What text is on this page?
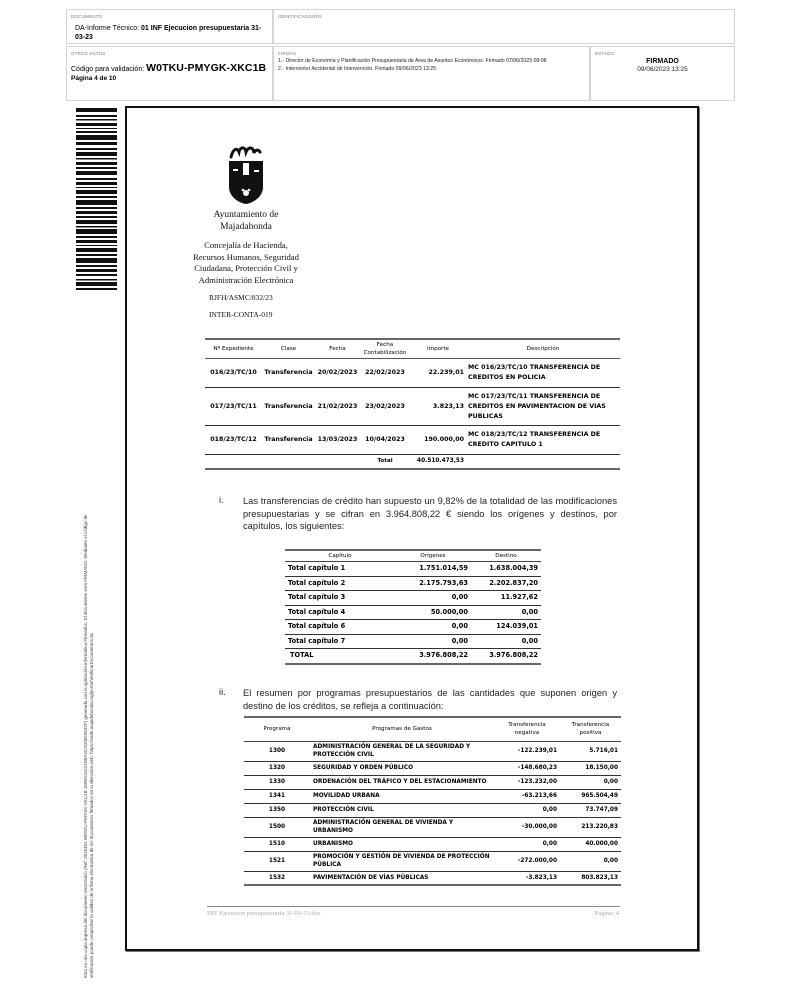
DOCUMENTO
DA-Informe Técnico: 01 INF Ejecucion presupuestaria 31-03-23
IDENTIFICADORES
OTROS DATOS
Código para validación: W0TKU-PMYGK-XKC1B
Página 4 de 10
FIRMAS
1.- Director de Economía y Planificación Presupuestaria de Area de Asuntos Económicos. Firmado 07/06/2023 08:08
2.- Interventor Accidental de Intervención. Firmado 09/06/2023 13:25
ESTADO
FIRMADO
09/06/2023 13:25
Esta es una copia impresa del documento electrónico (Ref: 2015401 W0TKU-PMYGK-XKC1B 169E015A21B8A4CAD0659632F) generada con la aplicación informática Firmadoc. El documento está FIRMADO. Mediante el código de verificación puede comprobar la validez de la firma electrónica de los documentos firmados en la dirección web: https://sede.majadahonda.org/portal/VerificarDocumentos.do
Ayuntamiento de
Majadahonda
Concejalía de Hacienda,
Recursos Humanos, Seguridad
Ciudadana, Protección Civil y
Administración Electrónica
RJFH/ASMC/832/23
INTER-CONTA-019
Nº Expediente	Clase	Fecha	Fecha Contabilización	Importe	Descripción
016/23/TC/10	Transferencia	20/02/2023	22/02/2023	22.239,01	MC 016/23/TC/10 TRANSFERENCIA DE CREDITOS EN POLICIA
017/23/TC/11	Transferencia	21/02/2023	23/02/2023	3.823,13	MC 017/23/TC/11 TRANSFERENCIA DE CREDITOS EN PAVIMENTACION DE VIAS PUBLICAS
018/23/TC/12	Transferencia	13/03/2023	10/04/2023	190.000,00	MC 018/23/TC/12 TRANSFERENCIA DE CREDITO CAPITULO 1
			Total	40.510.473,53	
i. Las transferencias de crédito han supuesto un 9,82% de la totalidad de las modificaciones presupuestarias y se cifran en 3.964.808,22 € siendo los orígenes y destinos, por capítulos, los siguientes:
Capítulo	Orígenes	Destino
Total capítulo 1	1.751.014,59	1.638.004,39
Total capítulo 2	2.175.793,63	2.202.837,20
Total capítulo 3	0,00	11.927,62
Total capítulo 4	50.000,00	0,00
Total capítulo 6	0,00	124.039,01
Total capítulo 7	0,00	0,00
TOTAL	3.976.808,22	3.976.808,22
ii. El resumen por programas presupuestarios de las cantidades que suponen origen y destino de los créditos, se refleja a continuación:
Programa	Programas de Gastos	Transferencia negativa	Transferencia positiva
1300	ADMINISTRACIÓN GENERAL DE LA SEGURIDAD Y PROTECCIÓN CIVIL	-122.239,01	5.716,01
1320	SEGURIDAD Y ORDEN PÚBLICO	-148.680,23	18.150,00
1330	ORDENACIÓN DEL TRÁFICO Y DEL ESTACIONAMIENTO	-123.232,00	0,00
1341	MOVILIDAD URBANA	-63.213,66	965.504,49
1350	PROTECCIÓN CIVIL	0,00	73.747,09
1500	ADMINISTRACIÓN GENERAL DE VIVIENDA Y URBANISMO	-30.000,00	213.220,83
1510	URBANISMO	0,00	40.000,00
1521	PROMOCIÓN Y GESTIÓN DE VIVIENDA DE PROTECCIÓN PÚBLICA	-272.000,00	0,00
1532	PAVIMENTACIÓN DE VÍAS PÚBLICAS	-3.823,13	803.823,13
INF Ejecucion presupuestaria 31-03-23.doc	Página: 4
